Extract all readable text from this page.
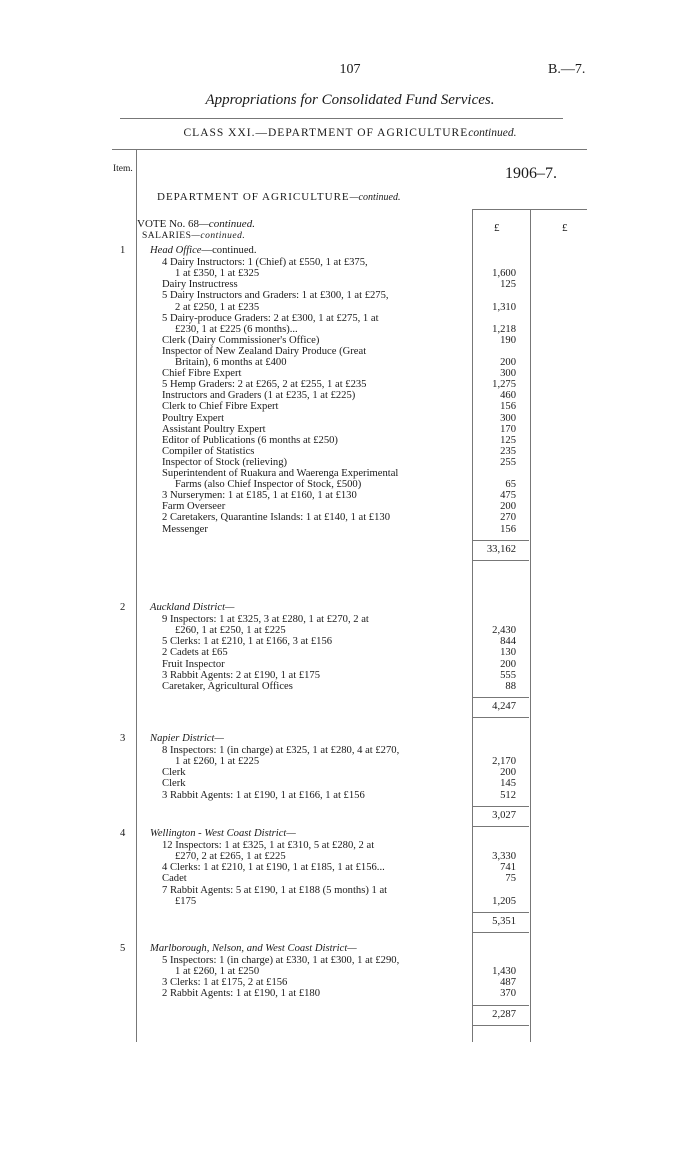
107	B.—7.
Appropriations for Consolidated Fund Services.
CLASS XXI.—DEPARTMENT OF AGRICULTUREcontinued.
Item.	1906–7.
DEPARTMENT OF AGRICULTURE—continued.
£	£
VOTE No. 68—continued.
SALARIES—continued.
1 Head Office—continued.
4 Dairy Instructors: 1 (Chief) at £550, 1 at £375,
1 at £350, 1 at £325	1,600
Dairy Instructress	125
5 Dairy Instructors and Graders: 1 at £300, 1 at £275,
2 at £250, 1 at £235	1,310
5 Dairy-produce Graders: 2 at £300, 1 at £275, 1 at
£230, 1 at £225 (6 months)...	1,218
Clerk (Dairy Commissioner's Office)	190
Inspector of New Zealand Dairy Produce (Great
Britain), 6 months at £400	200
Chief Fibre Expert	300
5 Hemp Graders: 2 at £265, 2 at £255, 1 at £235	1,275
Instructors and Graders (1 at £235, 1 at £225)	460
Clerk to Chief Fibre Expert	156
Poultry Expert	300
Assistant Poultry Expert	170
Editor of Publications (6 months at £250)	125
Compiler of Statistics	235
Inspector of Stock (relieving)	255
Superintendent of Ruakura and Waerenga Experimental
Farms (also Chief Inspector of Stock, £500)	65
3 Nurserymen: 1 at £185, 1 at £160, 1 at £130	475
Farm Overseer	200
2 Caretakers, Quarantine Islands: 1 at £140, 1 at £130	270
Messenger	156
33,162
2 Auckland District—
9 Inspectors: 1 at £325, 3 at £280, 1 at £270, 2 at
£260, 1 at £250, 1 at £225	2,430
5 Clerks: 1 at £210, 1 at £166, 3 at £156	844
2 Cadets at £65	130
Fruit Inspector	200
3 Rabbit Agents: 2 at £190, 1 at £175	555
Caretaker, Agricultural Offices	88
4,247
3 Napier District—
8 Inspectors: 1 (in charge) at £325, 1 at £280, 4 at £270,
1 at £260, 1 at £225	2,170
Clerk	200
Clerk	145
3 Rabbit Agents: 1 at £190, 1 at £166, 1 at £156	512
3,027
4 Wellington - West Coast District—
12 Inspectors: 1 at £325, 1 at £310, 5 at £280, 2 at
£270, 2 at £265, 1 at £225	3,330
4 Clerks: 1 at £210, 1 at £190, 1 at £185, 1 at £156...	741
Cadet	75
7 Rabbit Agents: 5 at £190, 1 at £188 (5 months) 1 at
£175	1,205
5,351
5 Marlborough, Nelson, and West Coast District—
5 Inspectors: 1 (in charge) at £330, 1 at £300, 1 at £290,
1 at £260, 1 at £250	1,430
3 Clerks: 1 at £175, 2 at £156	487
2 Rabbit Agents: 1 at £190, 1 at £180	370
2,287
